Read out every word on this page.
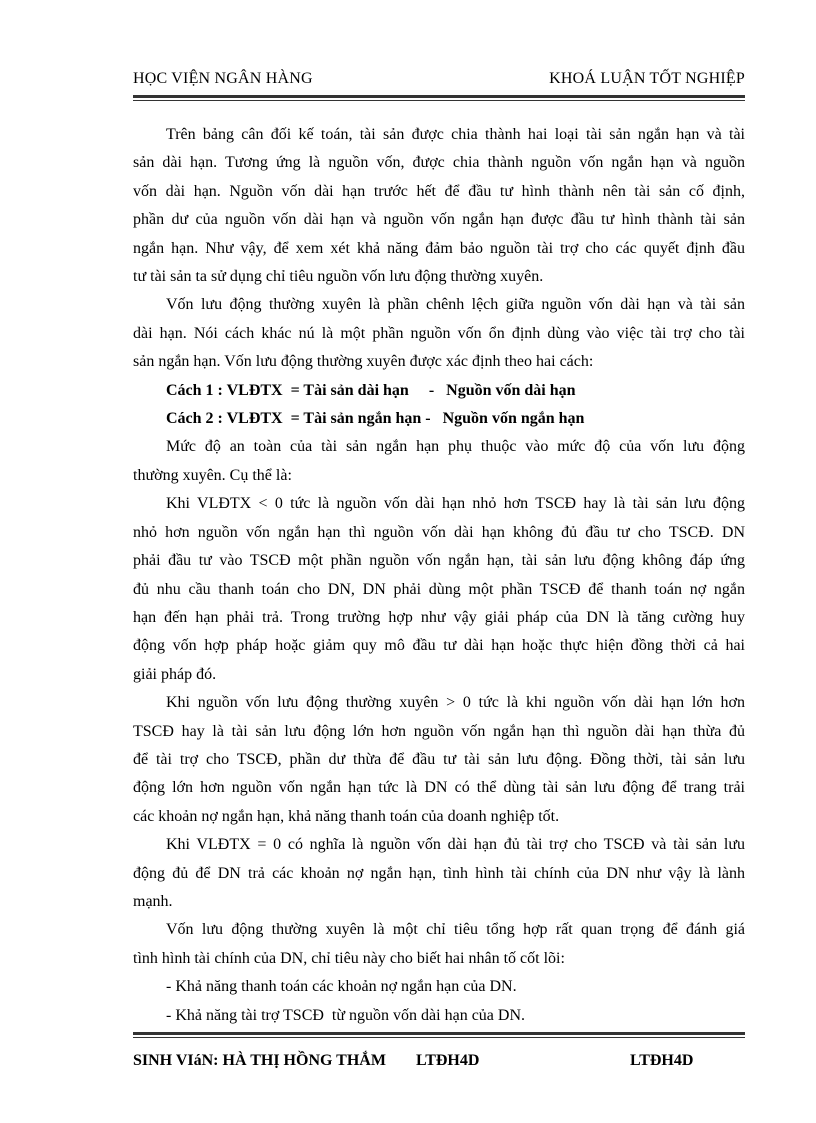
HỌC VIỆN NGÂN HÀNG	KHOÁ LUẬN TỐT NGHIỆP
Trên bảng cân đối kế toán, tài sản được chia thành hai loại tài sản ngắn hạn và tài
sản dài hạn. Tương ứng là nguồn vốn, được chia thành nguồn vốn ngắn hạn và nguồn
vốn dài hạn. Nguồn vốn dài hạn trước hết để đầu tư hình thành nên tài sản cố định,
phần dư của nguồn vốn dài hạn và nguồn vốn ngắn hạn được đầu tư hình thành tài sản
ngắn hạn. Như vậy, để xem xét khả năng đảm bảo nguồn tài trợ cho các quyết định đầu
tư tài sản ta sử dụng chỉ tiêu nguồn vốn lưu động thường xuyên.
Vốn lưu động thường xuyên là phần chênh lệch giữa nguồn vốn dài hạn và tài sản
dài hạn. Nói cách khác nú là một phần nguồn vốn ổn định dùng vào việc tài trợ cho tài
sản ngắn hạn. Vốn lưu động thường xuyên được xác định theo hai cách:
Cách 1 : VLĐTX  = Tài sản dài hạn     -   Nguồn vốn dài hạn
Cách 2 : VLĐTX  = Tài sản ngắn hạn -   Nguồn vốn ngắn hạn
Mức độ an toàn của tài sản ngắn hạn phụ thuộc vào mức độ của vốn lưu động
thường xuyên. Cụ thể là:
Khi VLĐTX < 0 tức là nguồn vốn dài hạn nhỏ hơn TSCĐ hay là tài sản lưu động
nhỏ hơn nguồn vốn ngắn hạn thì nguồn vốn dài hạn không đủ đầu tư cho TSCĐ. DN
phải đầu tư vào TSCĐ một phần nguồn vốn ngắn hạn, tài sản lưu động không đáp ứng
đủ nhu cầu thanh toán cho DN, DN phải dùng một phần TSCĐ để thanh toán nợ ngắn
hạn đến hạn phải trả. Trong trường hợp như vậy giải pháp của DN là tăng cường huy
động vốn hợp pháp hoặc giảm quy mô đầu tư dài hạn hoặc thực hiện đồng thời cả hai
giải pháp đó.
Khi nguồn vốn lưu động thường xuyên > 0 tức là khi nguồn vốn dài hạn lớn hơn
TSCĐ hay là tài sản lưu động lớn hơn nguồn vốn ngắn hạn thì nguồn dài hạn thừa đủ
để tài trợ cho TSCĐ, phần dư thừa để đầu tư tài sản lưu động. Đồng thời, tài sản lưu
động lớn hơn nguồn vốn ngắn hạn tức là DN có thể dùng tài sản lưu động để trang trải
các khoản nợ ngắn hạn, khả năng thanh toán của doanh nghiệp tốt.
Khi VLĐTX = 0 có nghĩa là nguồn vốn dài hạn đủ tài trợ cho TSCĐ và tài sản lưu
động đủ để DN trả các khoản nợ ngắn hạn, tình hình tài chính của DN như vậy là lành
mạnh.
Vốn lưu động thường xuyên là một chỉ tiêu tổng hợp rất quan trọng để đánh giá
tình hình tài chính của DN, chỉ tiêu này cho biết hai nhân tố cốt lõi:
- Khả năng thanh toán các khoản nợ ngắn hạn của DN.
- Khả năng tài trợ TSCĐ  từ nguồn vốn dài hạn của DN.
SINH VIáN: HÀ THỊ HỒNG THẮM LTĐH4D	LTĐH4D
